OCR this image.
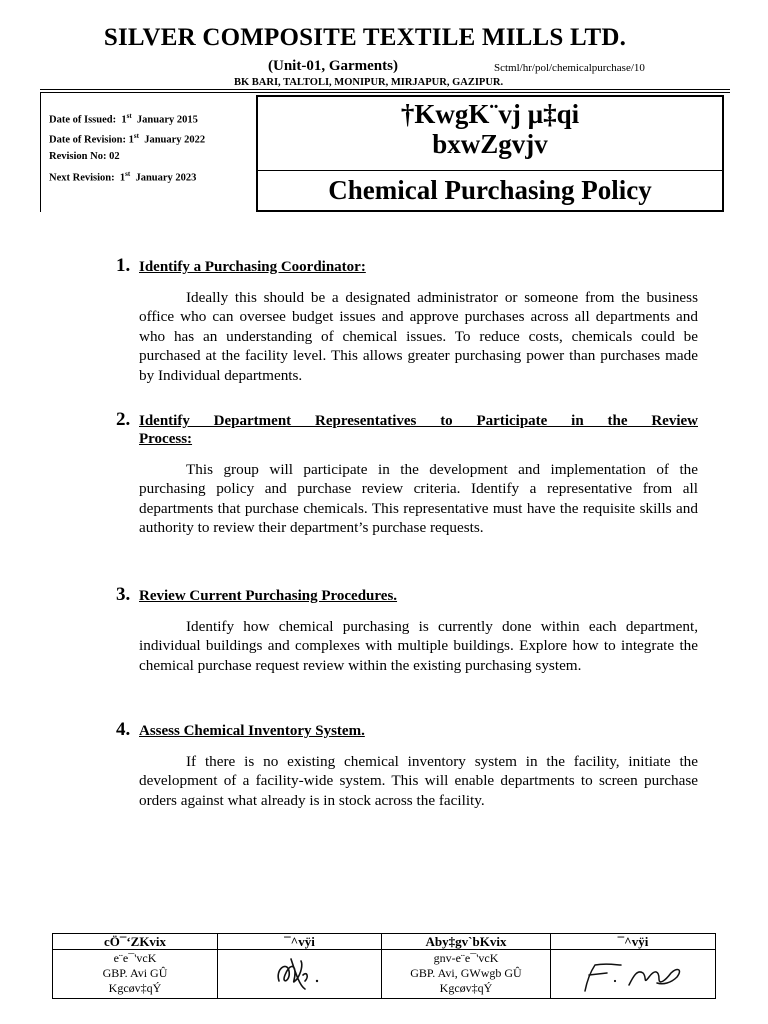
SILVER COMPOSITE TEXTILE MILLS LTD.
(Unit-01, Garments)	Sctml/hr/pol/chemicalpurchase/10
BK BARI, TALTOLI, MONIPUR, MIRJAPUR, GAZIPUR.
Date of Issued: 1st January 2015
Date of Revision: 1st January 2022
Revision No: 02
Next Revision: 1st January 2023
†KwgK¨vj µ‡qi
bxwZgvjv
Chemical Purchasing Policy
1. Identify a Purchasing Coordinator:
Ideally this should be a designated administrator or someone from the business office who can oversee budget issues and approve purchases across all departments and who has an understanding of chemical issues. To reduce costs, chemicals could be purchased at the facility level. This allows greater purchasing power than purchases made by Individual departments.
2. Identify Department Representatives to Participate in the Review
Process:
This group will participate in the development and implementation of the purchasing policy and purchase review criteria. Identify a representative from all departments that purchase chemicals. This representative must have the requisite skills and authority to review their department’s purchase requests.
3. Review Current Purchasing Procedures.
Identify how chemical purchasing is currently done within each department, individual buildings and complexes with multiple buildings. Explore how to integrate the chemical purchase request review within the existing purchasing system.
4. Assess Chemical Inventory System.
If there is no existing chemical inventory system in the facility, initiate the development of a facility-wide system. This will enable departments to screen purchase orders against what already is in stock across the facility.
cÖ¯‘ZKvix	¯^vÿi	Aby‡gv`bKvix	¯^vÿi
e¨e¯'vcK
GBP. Avi GÛ
Kgcøv‡qÝ		gnv-e¨e¯'vcK
GBP. Avi, GWwgb GÛ
Kgcøv‡qÝ	
